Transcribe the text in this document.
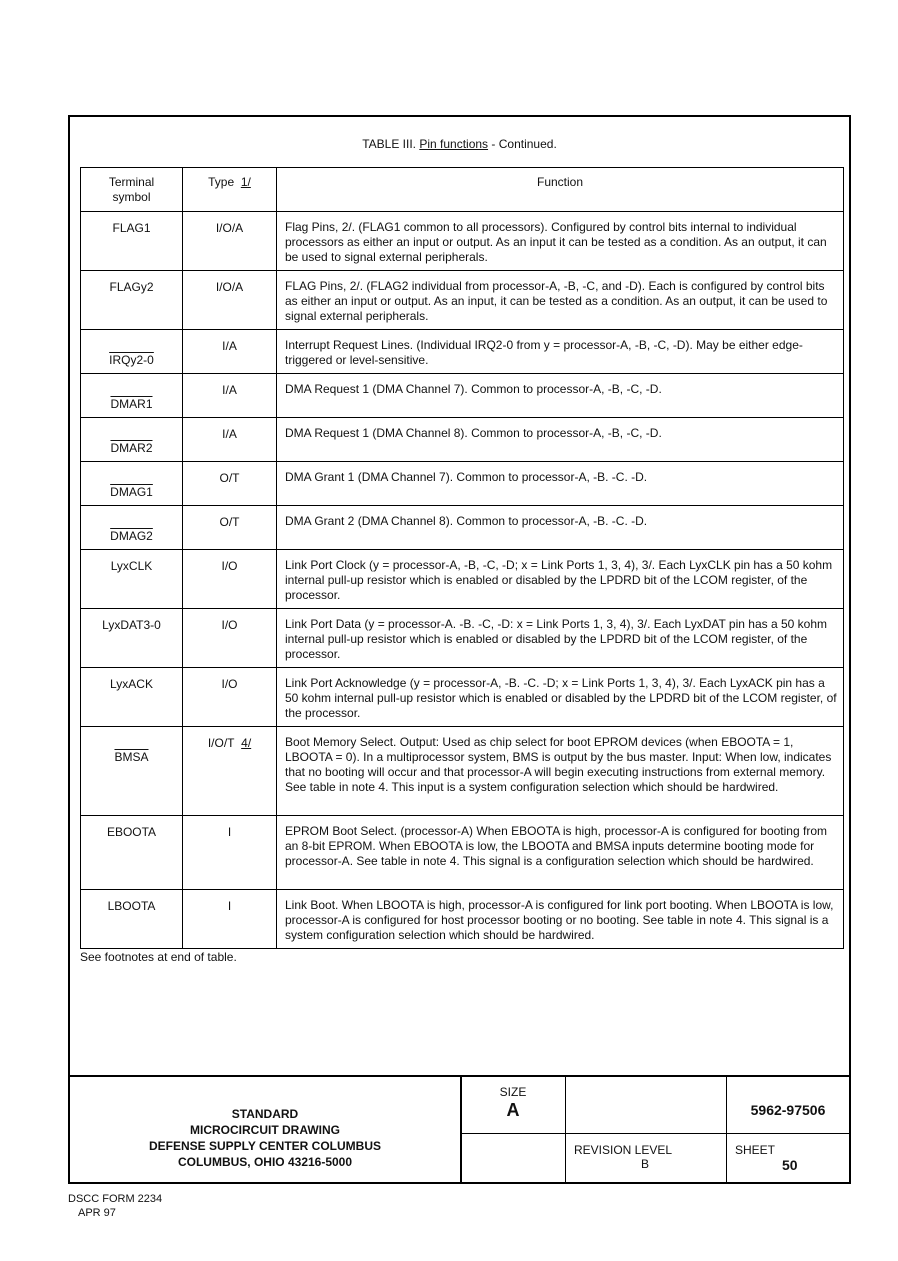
TABLE III. Pin functions - Continued.
Terminal symbol	Type 1/	Function
FLAG1	I/O/A	Flag Pins, 2/. (FLAG1 common to all processors). Configured by control bits internal to individual processors as either an input or output. As an input it can be tested as a condition. As an output, it can be used to signal external peripherals.
FLAGy2	I/O/A	FLAG Pins, 2/. (FLAG2 individual from processor-A, -B, -C, and -D). Each is configured by control bits as either an input or output. As an input, it can be tested as a condition. As an output, it can be used to signal external peripherals.
IRQy2-0	I/A	Interrupt Request Lines. (Individual IRQ2-0 from y = processor-A, -B, -C, -D). May be either edge-triggered or level-sensitive.
DMAR1	I/A	DMA Request 1 (DMA Channel 7). Common to processor-A, -B, -C, -D.
DMAR2	I/A	DMA Request 1 (DMA Channel 8). Common to processor-A, -B, -C, -D.
DMAG1	O/T	DMA Grant 1 (DMA Channel 7). Common to processor-A, -B. -C. -D.
DMAG2	O/T	DMA Grant 2 (DMA Channel 8). Common to processor-A, -B. -C. -D.
LyxCLK	I/O	Link Port Clock (y = processor-A, -B, -C, -D; x = Link Ports 1, 3, 4), 3/. Each LyxCLK pin has a 50 kohm internal pull-up resistor which is enabled or disabled by the LPDRD bit of the LCOM register, of the processor.
LyxDAT3-0	I/O	Link Port Data (y = processor-A. -B. -C, -D: x = Link Ports 1, 3, 4), 3/. Each LyxDAT pin has a 50 kohm internal pull-up resistor which is enabled or disabled by the LPDRD bit of the LCOM register, of the processor.
LyxACK	I/O	Link Port Acknowledge (y = processor-A, -B. -C. -D; x = Link Ports 1, 3, 4), 3/. Each LyxACK pin has a 50 kohm internal pull-up resistor which is enabled or disabled by the LPDRD bit of the LCOM register, of the processor.
BMSA	I/O/T 4/	Boot Memory Select. Output: Used as chip select for boot EPROM devices (when EBOOTA = 1, LBOOTA = 0). In a multiprocessor system, BMS is output by the bus master. Input: When low, indicates that no booting will occur and that processor-A will begin executing instructions from external memory. See table in note 4. This input is a system configuration selection which should be hardwired.
EBOOTA	I	EPROM Boot Select. (processor-A) When EBOOTA is high, processor-A is configured for booting from an 8-bit EPROM. When EBOOTA is low, the LBOOTA and BMSA inputs determine booting mode for processor-A. See table in note 4. This signal is a configuration selection which should be hardwired.
LBOOTA	I	Link Boot. When LBOOTA is high, processor-A is configured for link port booting. When LBOOTA is low, processor-A is configured for host processor booting or no booting. See table in note 4. This signal is a system configuration selection which should be hardwired.
See footnotes at end of table.
STANDARD
MICROCIRCUIT DRAWING
DEFENSE SUPPLY CENTER COLUMBUS
COLUMBUS, OHIO 43216-5000
SIZE
A	5962-97506
REVISION LEVEL
B
SHEET
50
DSCC FORM 2234
APR 97
